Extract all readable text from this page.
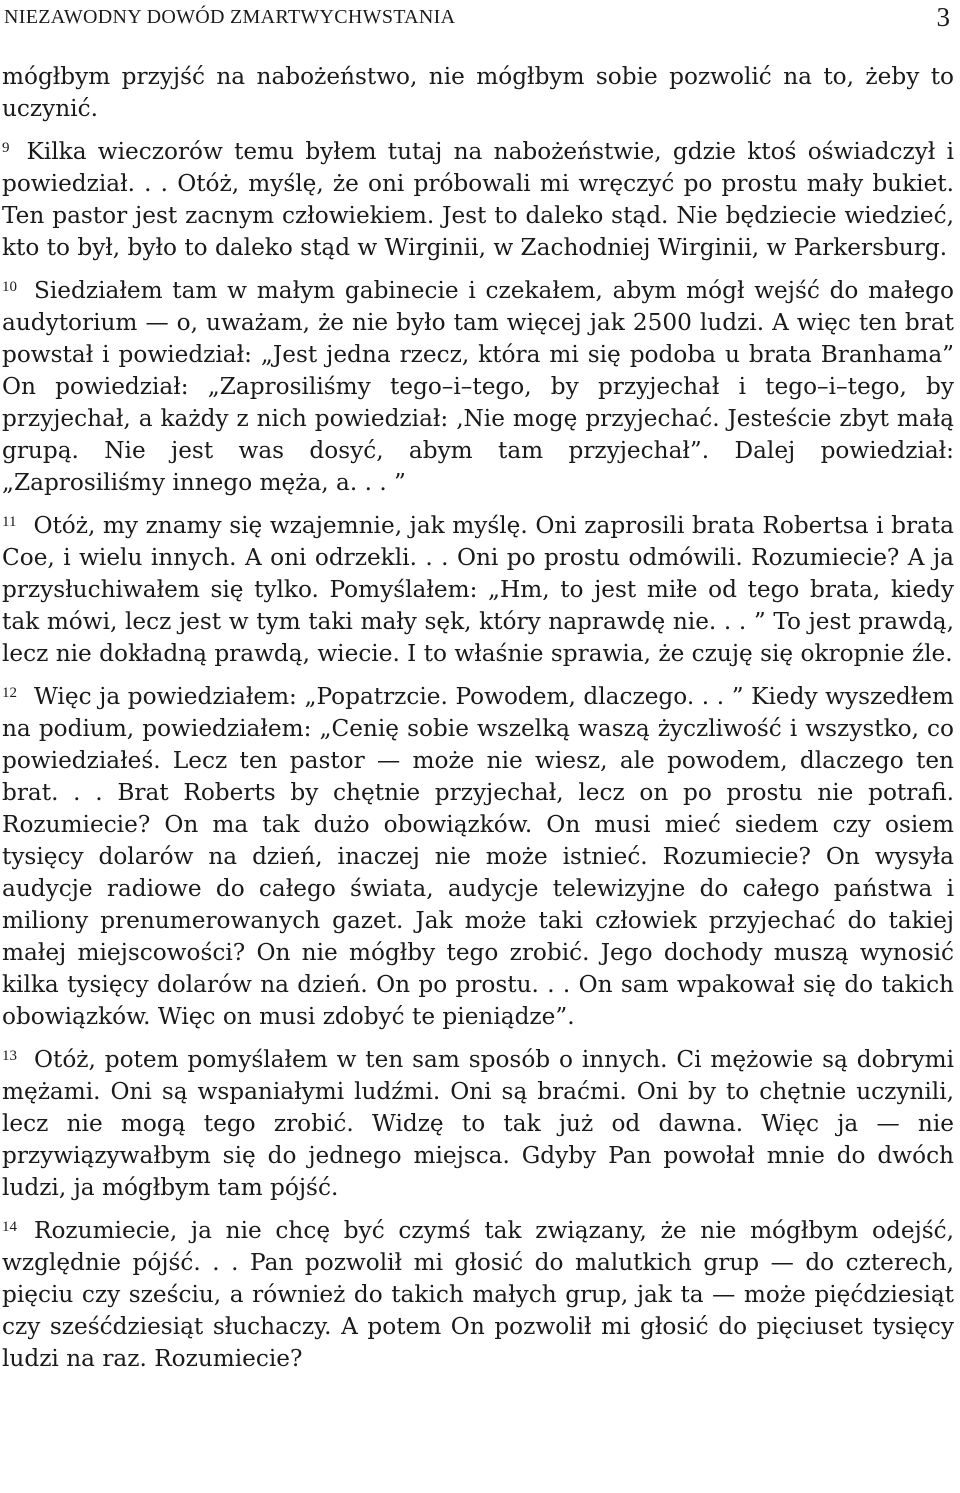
NIEZAWODNY DOWÓD ZMARTWYCHWSTANIA	3

mógłbym przyjść na nabożeństwo, nie mógłbym sobie pozwolić na to, żeby to uczynić.

$^9$ Kilka wieczorów temu byłem tutaj na nabożeństwie, gdzie ktoś oświadczył i powiedział. . . Otóż, myślę, że oni próbowali mi wręczyć po prostu mały bukiet. Ten pastor jest zacnym człowiekiem. Jest to daleko stąd. Nie będziecie wiedzieć, kto to był, było to daleko stąd w Wirginii, w Zachodniej Wirginii, w Parkersburg.

$^{10}$ Siedziałem tam w małym gabinecie i czekałem, abym mógł wejść do małego audytorium — o, uważam, że nie było tam więcej jak 2500 ludzi. A więc ten brat powstał i powiedział: „Jest jedna rzecz, która mi się podoba u brata Branhama” On powiedział: „Zaprosiliśmy tego–i–tego, by przyjechał i tego–i–tego, by przyjechał, a każdy z nich powiedział: ‚Nie mogę przyjechać. Jesteście zbyt małą grupą. Nie jest was dosyć, abym tam przyjechał”. Dalej powiedział: „Zaprosiliśmy innego męża, a. . . ”

$^{11}$ Otóż, my znamy się wzajemnie, jak myślę. Oni zaprosili brata Robertsa i brata Coe, i wielu innych. A oni odrzekli. . . Oni po prostu odmówili. Rozumiecie? A ja przysłuchiwałem się tylko. Pomyślałem: „Hm, to jest miłe od tego brata, kiedy tak mówi, lecz jest w tym taki mały sęk, który naprawdę nie. . . ” To jest prawdą, lecz nie dokładną prawdą, wiecie. I to właśnie sprawia, że czuję się okropnie źle.

$^{12}$ Więc ja powiedziałem: „Popatrzcie. Powodem, dlaczego. . . ” Kiedy wyszedłem na podium, powiedziałem: „Cenię sobie wszelką waszą życzliwość i wszystko, co powiedziałeś. Lecz ten pastor — może nie wiesz, ale powodem, dlaczego ten brat. . . Brat Roberts by chętnie przyjechał, lecz on po prostu nie potrafi. Rozumiecie? On ma tak dużo obowiązków. On musi mieć siedem czy osiem tysięcy dolarów na dzień, inaczej nie może istnieć. Rozumiecie? On wysyła audycje radiowe do całego świata, audycje telewizyjne do całego państwa i miliony prenumerowanych gazet. Jak może taki człowiek przyjechać do takiej małej miejscowości? On nie mógłby tego zrobić. Jego dochody muszą wynosić kilka tysięcy dolarów na dzień. On po prostu. . . On sam wpakował się do takich obowiązków. Więc on musi zdobyć te pieniądze”.

$^{13}$ Otóż, potem pomyślałem w ten sam sposób o innych. Ci mężowie są dobrymi mężami. Oni są wspaniałymi ludźmi. Oni są braćmi. Oni by to chętnie uczynili, lecz nie mogą tego zrobić. Widzę to tak już od dawna. Więc ja — nie przywiązywałbym się do jednego miejsca. Gdyby Pan powołał mnie do dwóch ludzi, ja mógłbym tam pójść.

$^{14}$ Rozumiecie, ja nie chcę być czymś tak związany, że nie mógłbym odejść, względnie pójść. . . Pan pozwolił mi głosić do malutkich grup — do czterech, pięciu czy sześciu, a również do takich małych grup, jak ta — może pięćdziesiąt czy sześćdziesiąt słuchaczy. A potem On pozwolił mi głosić do pięciuset tysięcy ludzi na raz. Rozumiecie?
